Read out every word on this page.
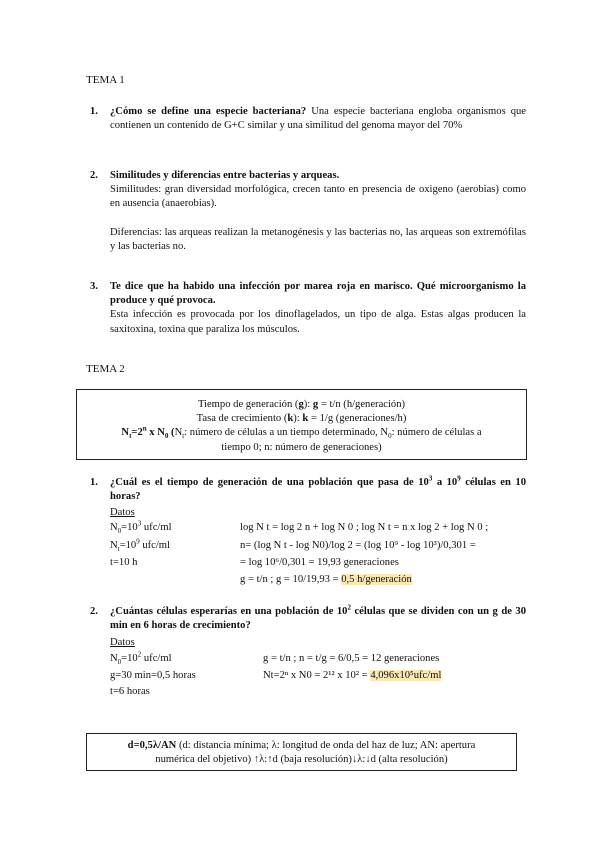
TEMA 1
1. ¿Cómo se define una especie bacteriana? Una especie bacteriana engloba organismos que contienen un contenido de G+C similar y una similitud del genoma mayor del 70%
2. Similitudes y diferencias entre bacterias y arqueas.
Similitudes: gran diversidad morfológica, crecen tanto en presencia de oxigeno (aerobias) como en ausencia (anaerobias).
Diferencias: las arqueas realizan la metanogénesis y las bacterias no, las arqueas son extremófilas y las bacterias no.
3. Te dice que ha habido una infección por marea roja en marisco. Qué microorganismo la produce y qué provoca.
Esta infección es provocada por los dinoflagelados, un tipo de alga. Estas algas producen la saxitoxina, toxina que paraliza los músculos.
TEMA 2
Tiempo de generación (g): g = t/n (h/generación)
Tasa de crecimiento (k): k = 1/g (generaciones/h)
$N_t=2^n$ x $N_0$ ($N_t$: número de células a un tiempo determinado, $N_0$: número de células a
tiempo 0; n: número de generaciones)
1. ¿Cuál es el tiempo de generación de una población que pasa de $10^3$ a $10^9$ células en 10 horas?
Datos
$N_0=10^3$ ufc/ml
$N_t=10^9$ ufc/ml
t=10 h
log N t = log 2 n + log N 0 ; log N t = n x log 2 + log N 0 ;
n= (log N t - log N0)/log 2 = (log 10⁹ - log 10³)/0,301 =
= log 10⁶/0,301 = 19,93 generaciones
g = t/n ; g = 10/19,93 = 0,5 h/generación
2. ¿Cuántas células esperarías en una población de $10^2$ células que se dividen con un g de 30 min en 6 horas de crecimiento?
Datos
$N_0=10^2$ ufc/ml
g=30 min=0,5 horas
t=6 horas
g = t/n ; n = t/g = 6/0,5 = 12 generaciones
Nt=2ⁿ x N0 = 2¹² x 10² = 4,096x10⁵ufc/ml
d=0,5λ/AN (d: distancia mínima; λ: longitud de onda del haz de luz; AN: apertura
numérica del objetivo) ↑λ:↑d (baja resolución)↓λ:↓d (alta resolución)
